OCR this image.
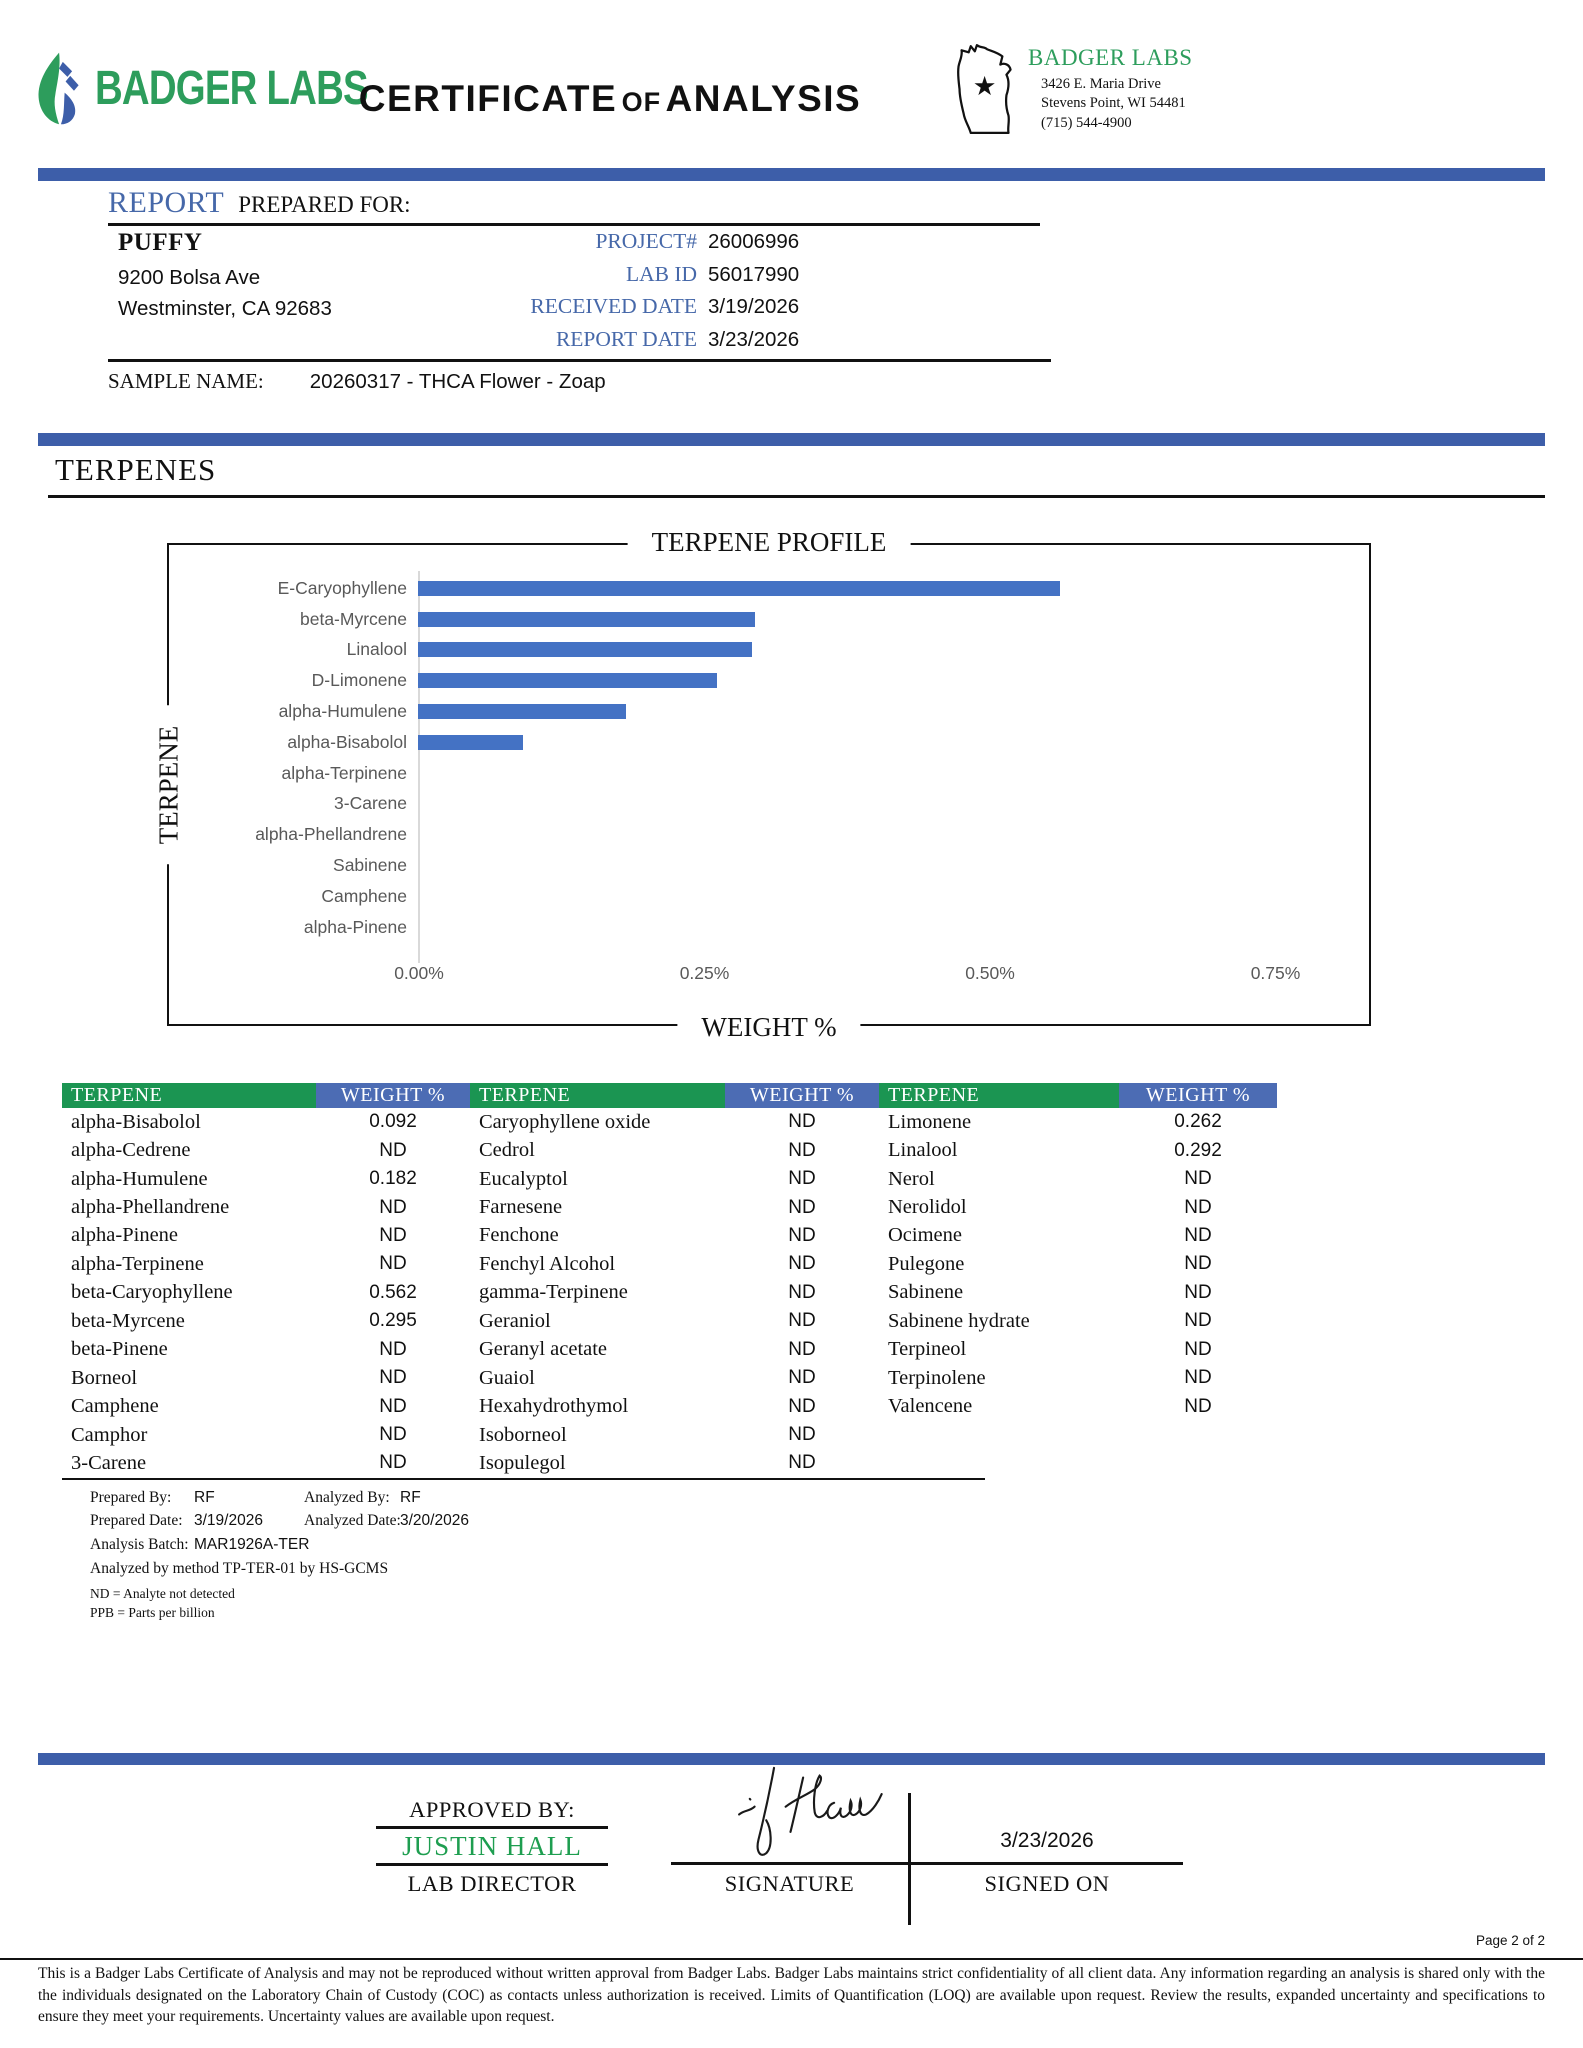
BADGER LABS
CERTIFICATE OF ANALYSIS	★
BADGER LABS
3426 E. Maria Drive
Stevens Point, WI 54481
(715) 544-4900
REPORT PREPARED FOR:
PUFFY
9200 Bolsa Ave
Westminster, CA 92683
PROJECT# 26006996
LAB ID 56017990
RECEIVED DATE 3/19/2026
REPORT DATE 3/23/2026
SAMPLE NAME: 20260317 - THCA Flower - Zoap
TERPENES
TERPENE PROFILE
TERPENE
E-Caryophyllene
beta-Myrcene
Linalool
D-Limonene
alpha-Humulene
alpha-Bisabolol
alpha-Terpinene
3-Carene
alpha-Phellandrene
Sabinene
Camphene
alpha-Pinene
0.00%	0.25%	0.50%	0.75%
WEIGHT %
TERPENE	WEIGHT %
alpha-Bisabolol	0.092
alpha-Cedrene	ND
alpha-Humulene	0.182
alpha-Phellandrene	ND
alpha-Pinene	ND
alpha-Terpinene	ND
beta-Caryophyllene	0.562
beta-Myrcene	0.295
beta-Pinene	ND
Borneol	ND
Camphene	ND
Camphor	ND
3-Carene	ND
TERPENE	WEIGHT %
Caryophyllene oxide	ND
Cedrol	ND
Eucalyptol	ND
Farnesene	ND
Fenchone	ND
Fenchyl Alcohol	ND
gamma-Terpinene	ND
Geraniol	ND
Geranyl acetate	ND
Guaiol	ND
Hexahydrothymol	ND
Isoborneol	ND
Isopulegol	ND
TERPENE	WEIGHT %
Limonene	0.262
Linalool	0.292
Nerol	ND
Nerolidol	ND
Ocimene	ND
Pulegone	ND
Sabinene	ND
Sabinene hydrate	ND
Terpineol	ND
Terpinolene	ND
Valencene	ND
Prepared By: RF	Analyzed By: RF
Prepared Date: 3/19/2026	Analyzed Date: 3/20/2026
Analysis Batch: MAR1926A-TER
Analyzed by method TP-TER-01 by HS-GCMS
ND = Analyte not detected
PPB = Parts per billion
APPROVED BY:
JUSTIN HALL
LAB DIRECTOR	SIGNATURE
3/23/2026
SIGNED ON
Page 2 of 2
This is a Badger Labs Certificate of Analysis and may not be reproduced without written approval from Badger Labs. Badger Labs maintains strict confidentiality of all client data. Any information regarding an analysis is shared only with the the individuals designated on the Laboratory Chain of Custody (COC) as contacts unless authorization is received. Limits of Quantification (LOQ) are available upon request. Review the results, expanded uncertainty and specifications to ensure they meet your requirements. Uncertainty values are available upon request.
